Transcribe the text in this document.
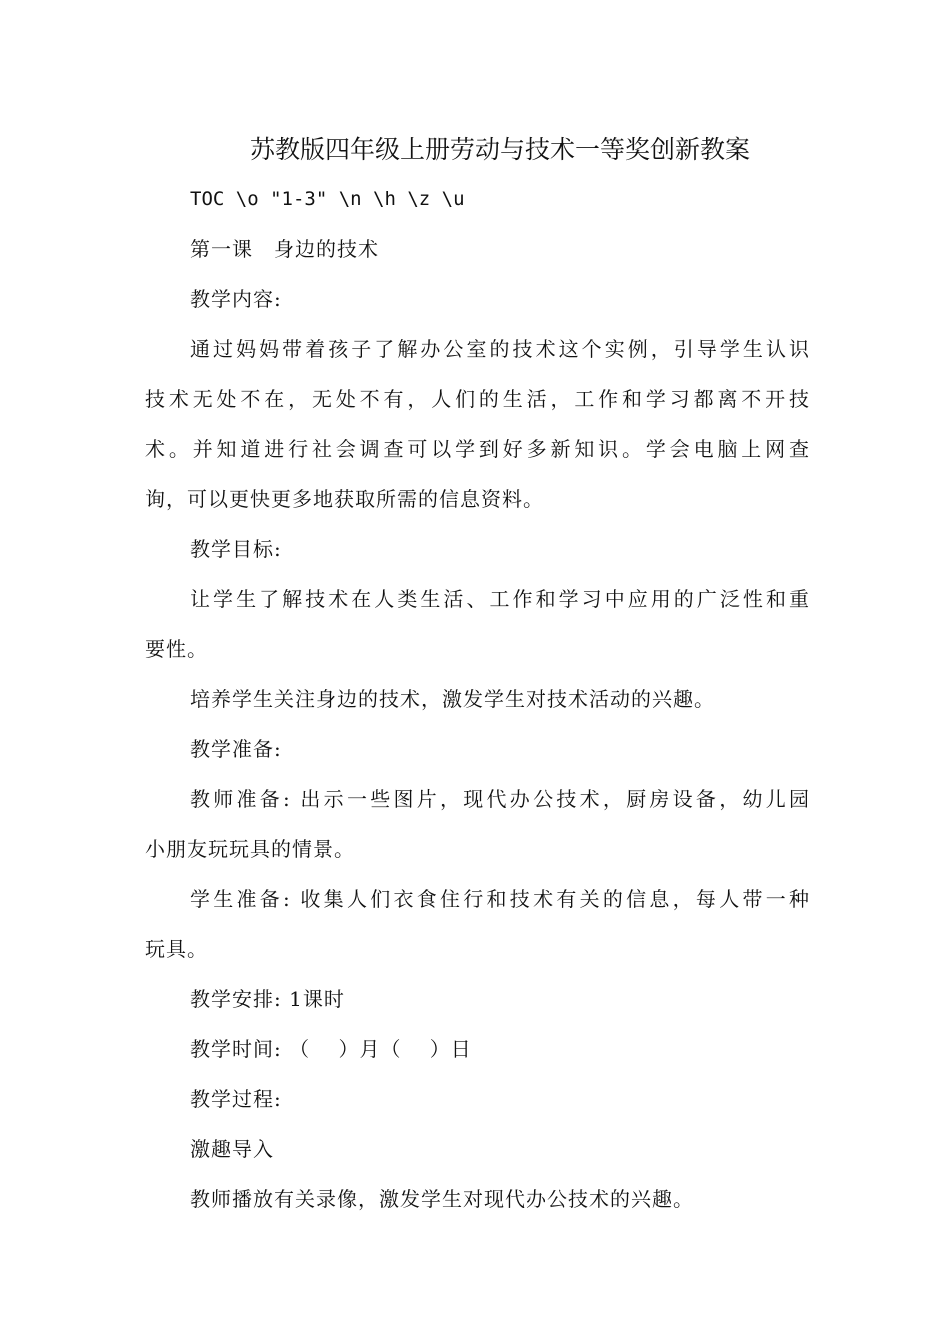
苏教版四年级上册劳动与技术一等奖创新教案
TOC \o "1-3" \n \h \z \u
第一课　身边的技术
教学内容:
通过妈妈带着孩子了解办公室的技术这个实例，引导学生认识
技术无处不在，无处不有，人们的生活，工作和学习都离不开技
术。并知道进行社会调查可以学到好多新知识。学会电脑上网查
询，可以更快更多地获取所需的信息资料。
教学目标:
让学生了解技术在人类生活、工作和学习中应用的广泛性和重
要性。
培养学生关注身边的技术，激发学生对技术活动的兴趣。
教学准备:
教师准备: 出示一些图片，现代办公技术，厨房设备，幼儿园
小朋友玩玩具的情景。
学生准备: 收集人们衣食住行和技术有关的信息，每人带一种
玩具。
教学安排: 1课时
教学时间: （　 ）月（　 ）日
教学过程:
激趣导入
教师播放有关录像，激发学生对现代办公技术的兴趣。
